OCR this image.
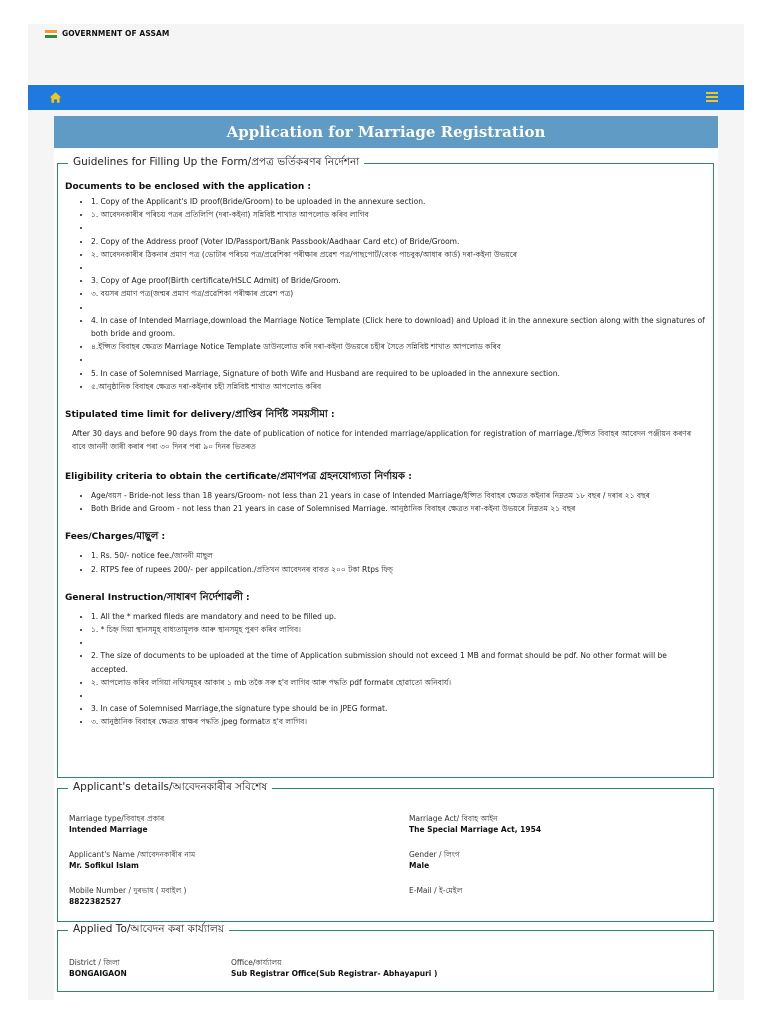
GOVERNMENT OF ASSAM
Application for Marriage Registration
Guidelines for Filling Up the Form/প্ৰপত্ৰ ভৰ্তিকৰণৰ নিৰ্দেশনা
Documents to be enclosed with the application :
• 1. Copy of the Applicant's ID proof(Bride/Groom) to be uploaded in the annexure section.
• ১. আবেদনকাৰীৰ পৰিচয় পত্ৰৰ প্ৰতিলিপি (দৰা-কইনা) সন্নিবিষ্ট শাখাত আপলোড কৰিব লাগিব
•
• 2. Copy of the Address proof (Voter ID/Passport/Bank Passbook/Aadhaar Card etc) of Bride/Groom.
• ২. আবেদনকাৰীৰ ঠিকনাৰ প্ৰমাণ পত্ৰ (ভোটাৰ পৰিচয় পত্ৰ/প্ৰৱেশিকা পৰীক্ষাৰ প্ৰৱেশ পত্ৰ/পাছপোৰ্ট/বেংক পাচবুক/আধাৰ কাৰ্ড) দৰা-কইনা উভয়ৰে
•
• 3. Copy of Age proof(Birth certificate/HSLC Admit) of Bride/Groom.
• ৩. বয়সৰ প্ৰমাণ পত্ৰ(জন্মৰ প্ৰমাণ পত্ৰ/প্ৰৱেশিকা পৰীক্ষাৰ প্ৰৱেশ পত্ৰ)
•
• 4. In case of Intended Marriage,download the Marriage Notice Template (Click here to download) and Upload it in the annexure section along with the signatures of both bride and groom.
• ৪.ইপ্সিত বিবাহৰ ক্ষেত্ৰত Marriage Notice Template ডাউনলোড কৰি দৰা-কইনা উভয়ৰে চহীৰ সৈতে সন্নিবিষ্ট শাখাত আপলোড কৰিব
•
• 5. In case of Solemnised Marriage, Signature of both Wife and Husband are required to be uploaded in the annexure section.
• ৫.আনুষ্ঠানিক বিবাহৰ ক্ষেত্ৰত দৰা-কইনাৰ চহী সন্নিবিষ্ট শাখাত আপলোড কৰিব
Stipulated time limit for delivery/প্ৰাপ্তিৰ নিৰ্দিষ্ট সময়সীমা :
After 30 days and before 90 days from the date of publication of notice for intended marriage/application for registration of marriage./ইপ্সিত বিবাহৰ আবেদন পঞ্জীয়ন কৰণৰ বাবে জাননী জাৰী কৰাৰ পৰা ৩০ দিনৰ পৰা ৯০ দিনৰ ভিতৰত
Eligibility criteria to obtain the certificate/প্ৰমাণপত্ৰ গ্ৰহনযোগ্যতা নিৰ্ণায়ক :
• Age/বয়স - Bride-not less than 18 years/Groom- not less than 21 years in case of Intended Marriage/ইপ্সিত বিবাহৰ ক্ষেত্ৰত কইনাৰ নিম্নতম ১৮ বছৰ / দৰাৰ ২১ বছৰ
• Both Bride and Groom - not less than 21 years in case of Solemnised Marriage. আনুষ্ঠানিক বিবাহৰ ক্ষেত্ৰত দৰা-কইনা উভয়ৰে নিম্নতম ২১ বছৰ
Fees/Charges/মাছুল :
• 1. Rs. 50/- notice fee./জাননী মাছুল
• 2. RTPS fee of rupees 200/- per appilcation./প্ৰতিখন আবেদনৰ বাবত ২০০ টকা Rtps ফিচ্
General Instruction/সাধাৰণ নিৰ্দেশাৱলী :
• 1. All the * marked fileds are mandatory and need to be filled up.
• ১. * চিহ্ন দিয়া স্থানসমূহ বাধ্যতামূলক আৰু স্থানসমূহ পুৰণ কৰিব লাগিব।
•
• 2. The size of documents to be uploaded at the time of Application submission should not exceed 1 MB and format should be pdf. No other format will be accepted.
• ২. আপলোড কৰিব লগিয়া নথিসমূহৰ আকাৰ ১ mb তকৈ সৰু হ'ব লাগিব আৰু পদ্ধতি pdf formatৰ হোৱাতো অনিবাৰ্য।
•
• 3. In case of Solemnised Marriage,the signature type should be in JPEG format.
• ৩. আনুষ্ঠানিক বিবাহৰ ক্ষেত্ৰত স্বাক্ষৰ পদ্ধতি jpeg formatত হ'ব লাগিব।
Applicant's details/আবেদনকাৰীৰ সবিশেষ
Marriage type/বিবাহৰ প্ৰকাৰ
Intended Marriage
Marriage Act/ বিবাহ আইন
The Special Marriage Act, 1954
Applicant's Name /আবেদনকাৰীৰ নাম
Mr. Sofikul Islam
Gender / লিংগ
Male
Mobile Number / দুৰভাষ ( মবাইল )
8822382527
E-Mail / ই-মেইল
Applied To/আবেদন কৰা কাৰ্য্যালয়
District / জিলা
BONGAIGAON
Office/কাৰ্য্যালয়
Sub Registrar Office(Sub Registrar- Abhayapuri )
